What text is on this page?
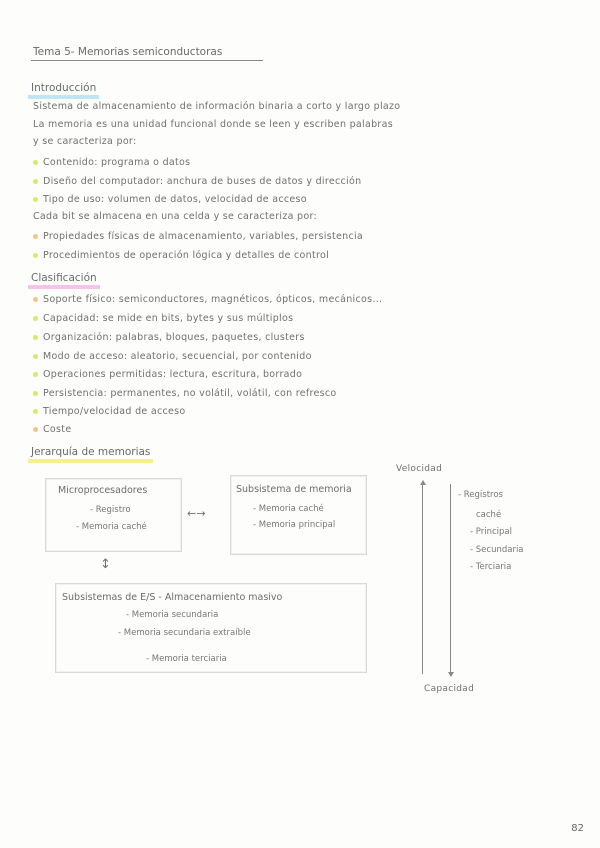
Tema 5- Memorias semiconductoras
Introducción
Sistema de almacenamiento de información binaria a corto y largo plazo
La memoria es una unidad funcional donde se leen y escriben palabras
y se caracteriza por:
Contenido: programa o datos
Diseño del computador: anchura de buses de datos y dirección
Tipo de uso: volumen de datos, velocidad de acceso
Cada bit se almacena en una celda y se caracteriza por:
Propiedades físicas de almacenamiento, variables, persistencia
Procedimientos de operación lógica y detalles de control
Clasificación
Soporte físico: semiconductores, magnéticos, ópticos, mecánicos...
Capacidad: se mide en bits, bytes y sus múltiplos
Organización: palabras, bloques, paquetes, clusters
Modo de acceso: aleatorio, secuencial, por contenido
Operaciones permitidas: lectura, escritura, borrado
Persistencia: permanentes, no volátil, volátil, con refresco
Tiempo/velocidad de acceso
Coste
Jerarquía de memorias
Microprocesadores
- Registro
- Memoria caché
←→
Subsistema de memoria
- Memoria caché
- Memoria principal
↕
Subsistemas de E/S - Almacenamiento masivo
- Memoria secundaria
- Memoria secundaria extraíble
- Memoria terciaria
Velocidad
Capacidad
- Registros
caché
- Principal
- Secundaria
- Terciaria
82
